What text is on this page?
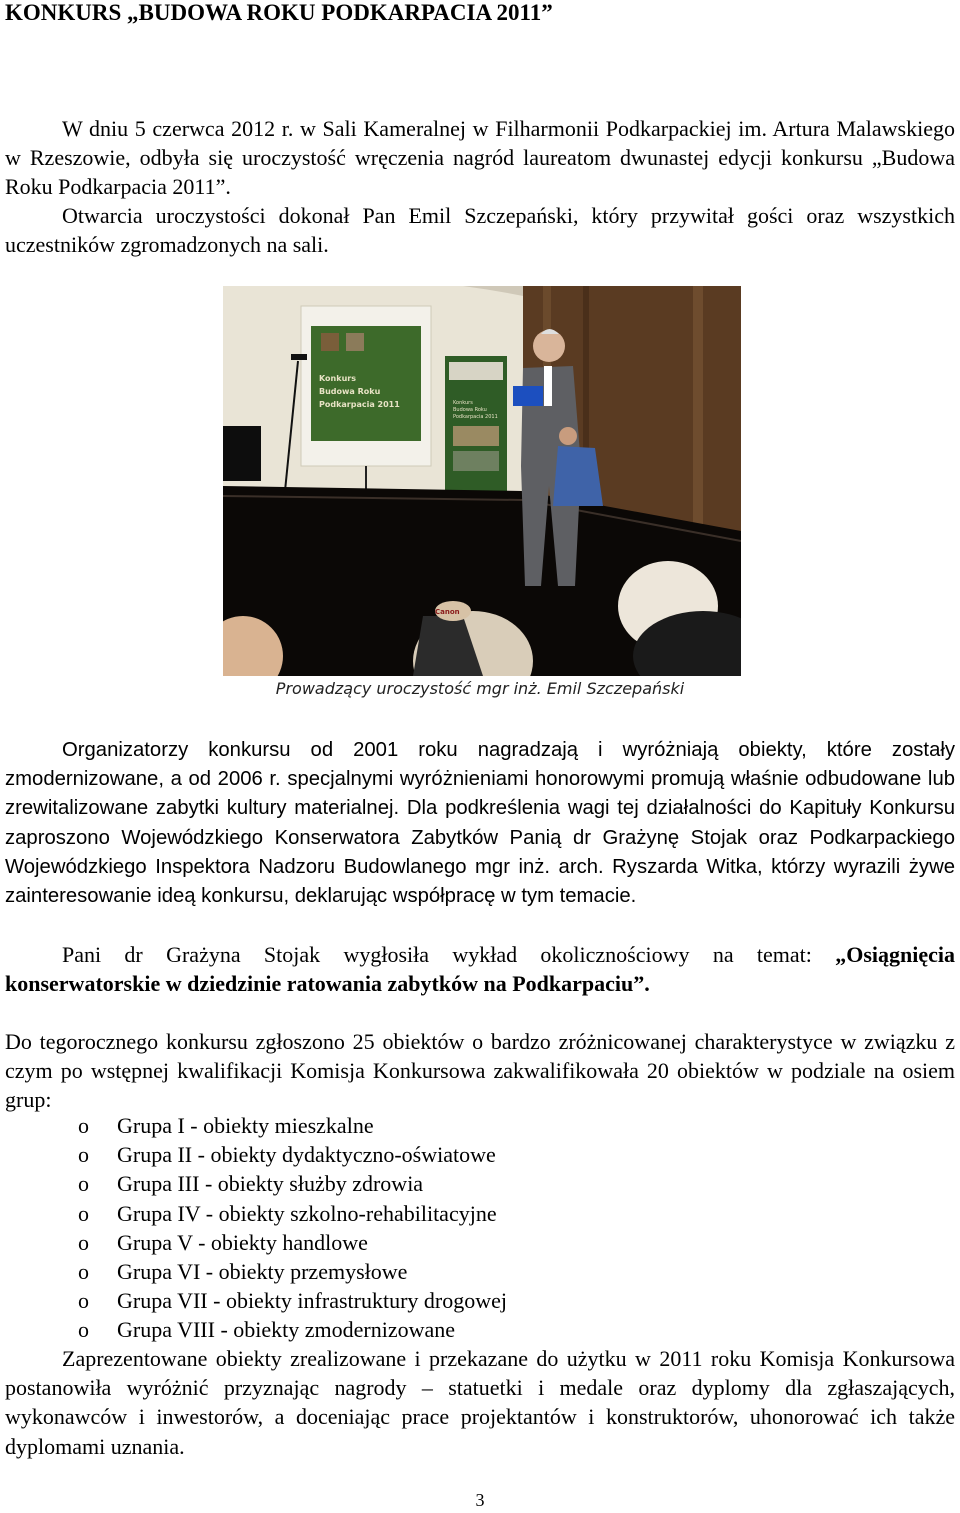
KONKURS „BUDOWA ROKU PODKARPACIA 2011”
W dniu 5 czerwca 2012 r. w Sali Kameralnej w Filharmonii Podkarpackiej im. Artura Malawskiego w Rzeszowie, odbyła się uroczystość wręczenia nagród laureatom dwunastej edycji konkursu „Budowa Roku Podkarpacia 2011”.
Otwarcia uroczystości dokonał Pan Emil Szczepański, który przywitał gości oraz wszystkich uczestników zgromadzonych na sali.
Konkurs
Budowa Roku
Podkarpacia 2011	Konkurs
Budowa Roku
Podkarpacia 2011
Canon
Prowadzący uroczystość mgr inż. Emil Szczepański
Organizatorzy konkursu od 2001 roku nagradzają i wyróżniają obiekty, które zostały zmodernizowane, a od 2006 r. specjalnymi wyróżnieniami honorowymi promują właśnie odbudowane lub zrewitalizowane zabytki kultury materialnej. Dla podkreślenia wagi tej działalności do Kapituły Konkursu zaproszono Wojewódzkiego Konserwatora Zabytków Panią dr Grażynę Stojak oraz Podkarpackiego Wojewódzkiego Inspektora Nadzoru Budowlanego mgr inż. arch. Ryszarda Witka, którzy wyrazili żywe zainteresowanie ideą konkursu, deklarując współpracę w tym temacie.
Pani dr Grażyna Stojak wygłosiła wykład okolicznościowy na temat: „Osiągnięcia konserwatorskie w dziedzinie ratowania zabytków na Podkarpaciu”.
Do tegorocznego konkursu zgłoszono 25 obiektów o bardzo zróżnicowanej charakterystyce w związku z czym po wstępnej kwalifikacji Komisja Konkursowa zakwalifikowała 20 obiektów w podziale na osiem grup:
o Grupa I - obiekty mieszkalne
o Grupa II - obiekty dydaktyczno-oświatowe
o Grupa III - obiekty służby zdrowia
o Grupa IV - obiekty szkolno-rehabilitacyjne
o Grupa V - obiekty handlowe
o Grupa VI - obiekty przemysłowe
o Grupa VII - obiekty infrastruktury drogowej
o Grupa VIII - obiekty zmodernizowane
Zaprezentowane obiekty zrealizowane i przekazane do użytku w 2011 roku Komisja Konkursowa postanowiła wyróżnić przyznając nagrody – statuetki i medale oraz dyplomy dla zgłaszających, wykonawców i inwestorów, a doceniając prace projektantów i konstruktorów, uhonorować ich także dyplomami uznania.
3
